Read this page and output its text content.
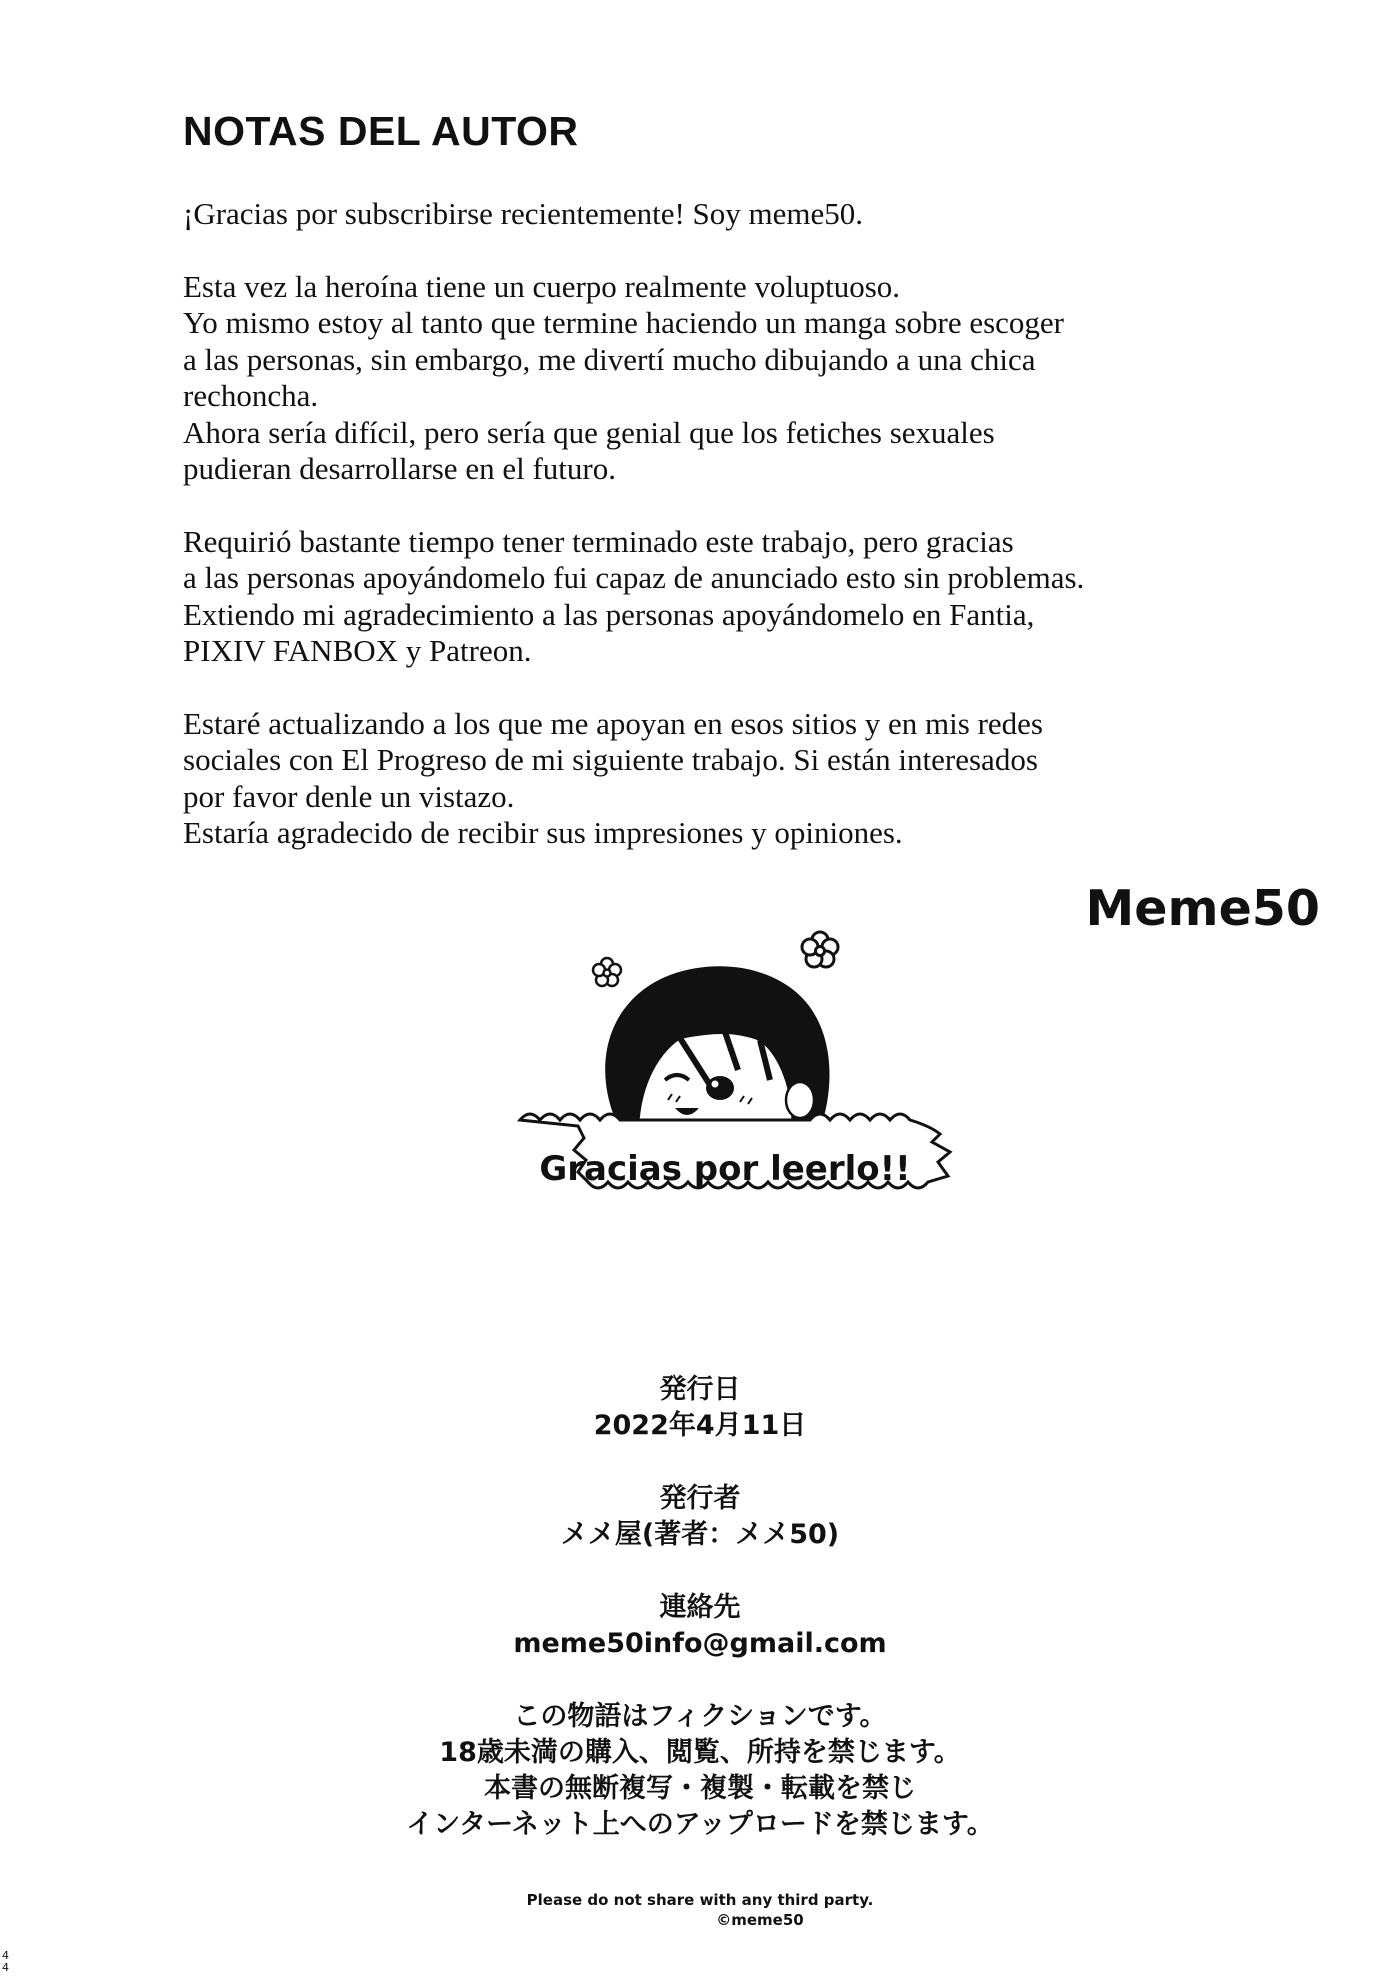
NOTAS DEL AUTOR

¡Gracias por subscribirse recientemente! Soy meme50.

Esta vez la heroína tiene un cuerpo realmente voluptuoso.
Yo mismo estoy al tanto que termine haciendo un manga sobre escoger
a las personas, sin embargo, me divertí mucho dibujando a una chica
rechoncha.
Ahora sería difícil, pero sería que genial que los fetiches sexuales
pudieran desarrollarse en el futuro.

Requirió bastante tiempo tener terminado este trabajo, pero gracias
a las personas apoyándomelo fui capaz de anunciado esto sin problemas.
Extiendo mi agradecimiento a las personas apoyándomelo en Fantia,
PIXIV FANBOX y Patreon.

Estaré actualizando a los que me apoyan en esos sitios y en mis redes
sociales con El Progreso de mi siguiente trabajo. Si están interesados
por favor denle un vistazo.
Estaría agradecido de recibir sus impresiones y opiniones.

Meme50
Gracias por leerlo!!
発行日
2022年4月11日
発行者
メメ屋(著者：メメ50)
連絡先
meme50info@gmail.com
この物語はフィクションです。
18歳未満の購入、閲覧、所持を禁じます。
本書の無断複写・複製・転載を禁じ
インターネット上へのアップロードを禁じます。
Please do not share with any third party.
©meme50
44
